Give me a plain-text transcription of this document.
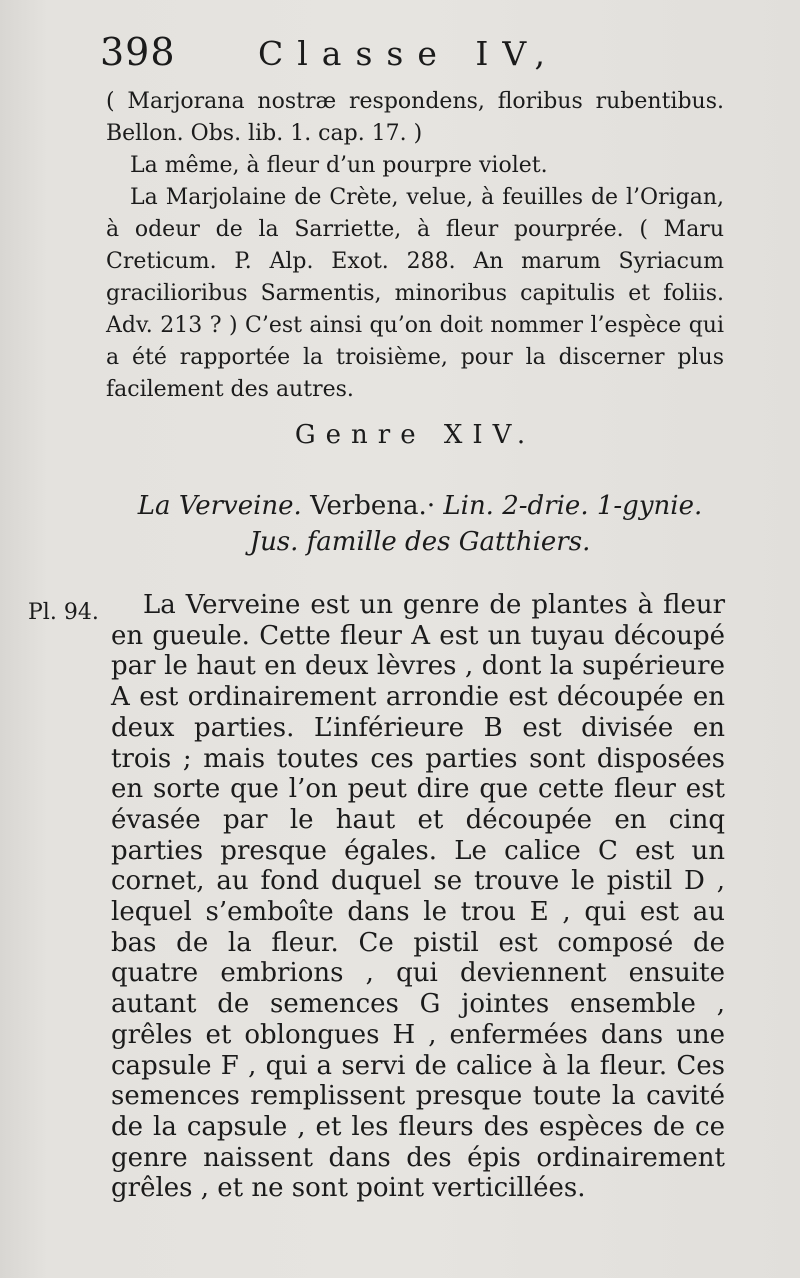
398 Classe IV,

( Marjorana nostræ respondens, floribus rubentibus. Bellon. Obs. lib. 1. cap. 17. )

La même, à fleur d’un pourpre violet.

La Marjolaine de Crète, velue, à feuilles de l’Origan, à odeur de la Sarriette, à fleur pourprée. ( Maru Creticum. P. Alp. Exot. 288. An marum Syriacum gracilioribus Sarmentis, minoribus capitulis et foliis. Adv. 213 ? ) C’est ainsi qu’on doit nommer l’espèce qui a été rapportée la troisième, pour la discerner plus facilement des autres.

Genre XIV.
La Verveine. Verbena.· Lin. 2-drie. 1-gynie.
Jus. famille des Gatthiers.
Pl. 94.	La Verveine est un genre de plantes à fleur en gueule. Cette fleur A est un tuyau découpé par le haut en deux lèvres , dont la supérieure A est ordinairement arrondie est découpée en deux parties. L’inférieure B est divisée en trois ; mais toutes ces parties sont disposées en sorte que l’on peut dire que cette fleur est évasée par le haut et découpée en cinq parties presque égales. Le calice C est un cornet, au fond duquel se trouve le pistil D , lequel s’emboîte dans le trou E , qui est au bas de la fleur. Ce pistil est composé de quatre embrions , qui deviennent ensuite autant de semences G jointes ensemble , grêles et oblongues H , enfermées dans une capsule F , qui a servi de calice à la fleur. Ces semences remplissent presque toute la cavité de la capsule , et les fleurs des espèces de ce genre naissent dans des épis ordinairement grêles , et ne sont point verticillées.
